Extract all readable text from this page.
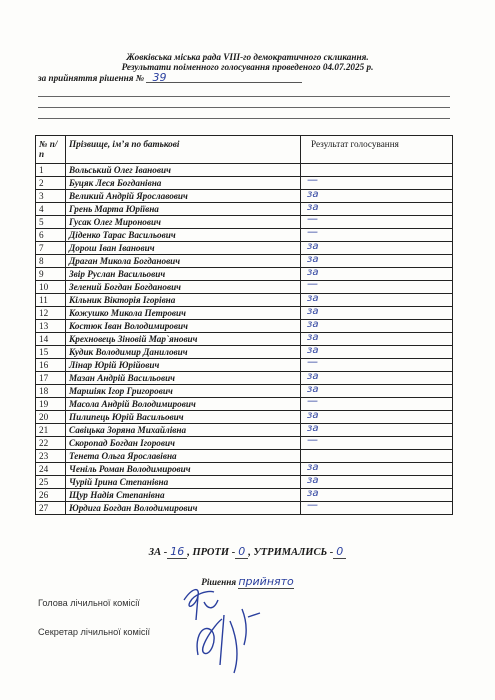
Жовківська міська рада VIII-го демократичного скликання.
Результати поіменного голосування проведеного 04.07.2025 р.
за прийняття рішення № 39
№ п/п	Прізвище, ім’я по батькові	Результат голосування
1	Вольський Олег Іванович	

2	Буцяк Леся Богданівна	—

3	Великий Андрій Ярославович	за

4	Грень Марта Юріївна	за

5	Гусак Олег Миронович	—

6	Діденко Тарас Васильович	—

7	Дорош Іван Іванович	за

8	Драган Микола Богданович	за

9	Звір Руслан Васильович	за

10	Зелений Богдан Богданович	—

11	Кільник Вікторія Ігорівна	за

12	Кожушко Микола Петрович	за

13	Костюк Іван Володимирович	за

14	Крехновець Зіновій Мар`янович	за

15	Кудик Володимир Данилович	за

16	Лінар Юрій Юрійович	—

17	Мазан Андрій Васильович	за

18	Маршіяк Ігор Григорович	за

19	Масола Андрій Володимирович	—

20	Пилипець Юрій Васильович	за

21	Савіцька Зоряна Михайлівна	за

22	Скоропад Богдан Ігорович	—

23	Тенета Ольга Ярославівна	

24	Ченіль Роман Володимирович	за

25	Чурій Ірина Степанівна	за

26	Щур Надія Степанівна	за

27	Юрдига Богдан Володимирович	—
ЗА - 16 , ПРОТИ - 0 , УТРИМАЛИСЬ - 0
Рішення прийнято
Голова лічильної комісії
Секретар лічильної комісії
